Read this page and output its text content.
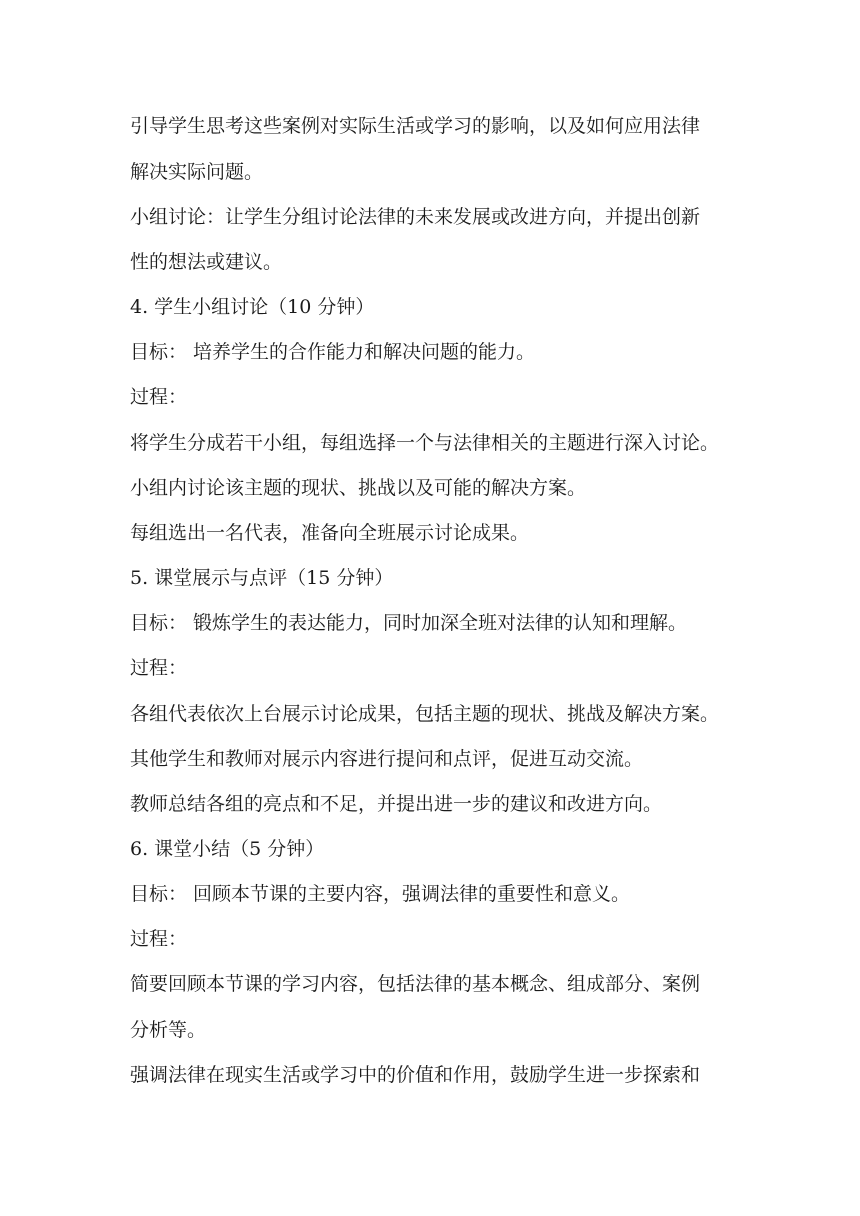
引导学生思考这些案例对实际生活或学习的影响，以及如何应用法律

解决实际问题。

小组讨论：让学生分组讨论法律的未来发展或改进方向，并提出创新

性的想法或建议。

4. 学生小组讨论（10 分钟）

目标： 培养学生的合作能力和解决问题的能力。

过程：

将学生分成若干小组，每组选择一个与法律相关的主题进行深入讨论。

小组内讨论该主题的现状、挑战以及可能的解决方案。

每组选出一名代表，准备向全班展示讨论成果。

5. 课堂展示与点评（15 分钟）

目标： 锻炼学生的表达能力，同时加深全班对法律的认知和理解。

过程：

各组代表依次上台展示讨论成果，包括主题的现状、挑战及解决方案。

其他学生和教师对展示内容进行提问和点评，促进互动交流。

教师总结各组的亮点和不足，并提出进一步的建议和改进方向。

6. 课堂小结（5 分钟）

目标： 回顾本节课的主要内容，强调法律的重要性和意义。

过程：

简要回顾本节课的学习内容，包括法律的基本概念、组成部分、案例

分析等。

强调法律在现实生活或学习中的价值和作用，鼓励学生进一步探索和
